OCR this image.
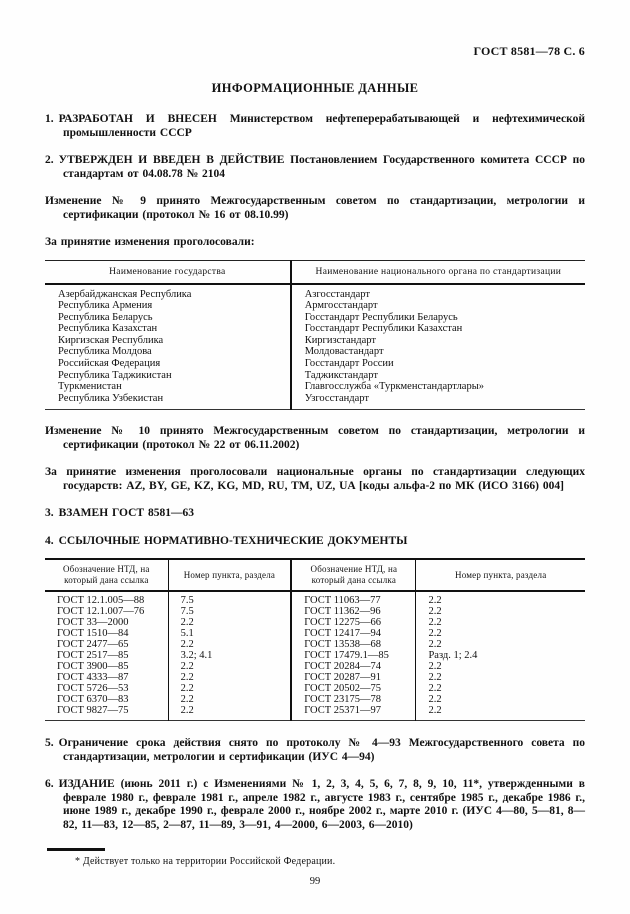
ГОСТ 8581—78 С. 6
ИНФОРМАЦИОННЫЕ ДАННЫЕ

1. РАЗРАБОТАН И ВНЕСЕН Министерством нефтеперерабатывающей и нефтехимической промышленности СССР

2. УТВЕРЖДЕН И ВВЕДЕН В ДЕЙСТВИЕ Постановлением Государственного комитета СССР по стандартам от 04.08.78 № 2104

Изменение № 9 принято Межгосударственным советом по стандартизации, метрологии и сертификации (протокол № 16 от 08.10.99)

За принятие изменения проголосовали:

Наименование государства	Наименование национального органа по стандартизации
Азербайджанская Республика	Азгосстандарт
Республика Армения	Армгосстандарт
Республика Беларусь	Госстандарт Республики Беларусь
Республика Казахстан	Госстандарт Республики Казахстан
Киргизская Республика	Киргизстандарт
Республика Молдова	Молдовастандарт
Российская Федерация	Госстандарт России
Республика Таджикистан	Таджикстандарт
Туркменистан	Главгосслужба «Туркменстандартлары»
Республика Узбекистан	Узгосстандарт

Изменение № 10 принято Межгосударственным советом по стандартизации, метрологии и сертификации (протокол № 22 от 06.11.2002)

За принятие изменения проголосовали национальные органы по стандартизации следующих государств: AZ, BY, GE, KZ, KG, MD, RU, TM, UZ, UA [коды альфа-2 по МК (ИСО 3166) 004]

3. ВЗАМЕН ГОСТ 8581—63

4. ССЫЛОЧНЫЕ НОРМАТИВНО-ТЕХНИЧЕСКИЕ ДОКУМЕНТЫ

Обозначение НТД, на который дана ссылка	Номер пункта, раздела	Обозначение НТД, на который дана ссылка	Номер пункта, раздела
ГОСТ 12.1.005—88	7.5	ГОСТ 11063—77	2.2
ГОСТ 12.1.007—76	7.5	ГОСТ 11362—96	2.2
ГОСТ 33—2000	2.2	ГОСТ 12275—66	2.2
ГОСТ 1510—84	5.1	ГОСТ 12417—94	2.2
ГОСТ 2477—65	2.2	ГОСТ 13538—68	2.2
ГОСТ 2517—85	3.2; 4.1	ГОСТ 17479.1—85	Разд. 1; 2.4
ГОСТ 3900—85	2.2	ГОСТ 20284—74	2.2
ГОСТ 4333—87	2.2	ГОСТ 20287—91	2.2
ГОСТ 5726—53	2.2	ГОСТ 20502—75	2.2
ГОСТ 6370—83	2.2	ГОСТ 23175—78	2.2
ГОСТ 9827—75	2.2	ГОСТ 25371—97	2.2

5. Ограничение срока действия снято по протоколу № 4—93 Межгосударственного совета по стандартизации, метрологии и сертификации (ИУС 4—94)

6. ИЗДАНИЕ (июнь 2011 г.) с Изменениями № 1, 2, 3, 4, 5, 6, 7, 8, 9, 10, 11*, утвержденными в феврале 1980 г., феврале 1981 г., апреле 1982 г., августе 1983 г., сентябре 1985 г., декабре 1986 г., июне 1989 г., декабре 1990 г., феврале 2000 г., ноябре 2002 г., марте 2010 г. (ИУС 4—80, 5—81, 8—82, 11—83, 12—85, 2—87, 11—89, 3—91, 4—2000, 6—2003, 6—2010)

* Действует только на территории Российской Федерации.
99
